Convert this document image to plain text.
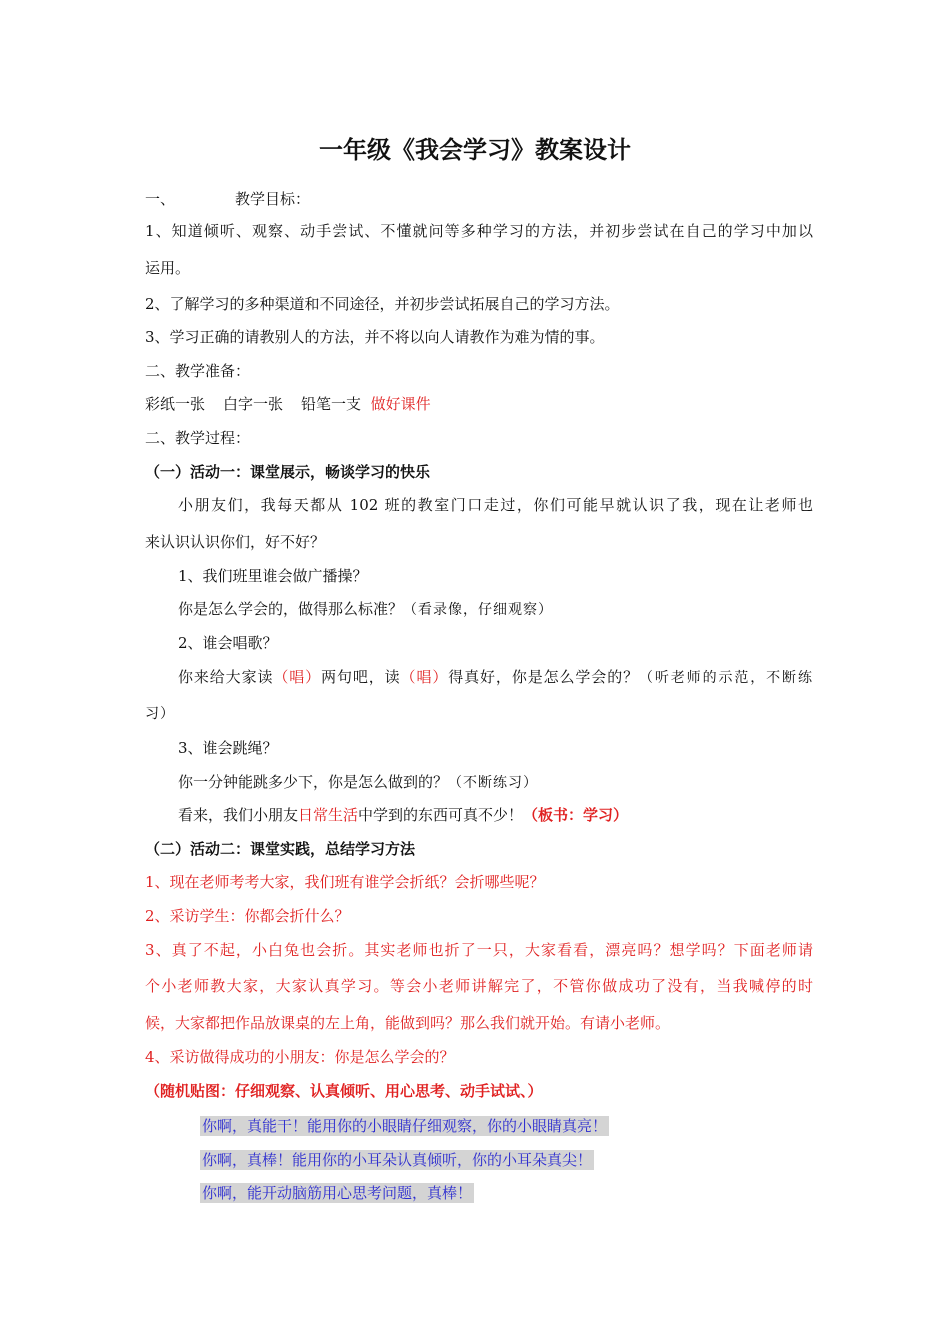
一年级《我会学习》教案设计
一、	教学目标：
1、知道倾听、观察、动手尝试、不懂就问等多种学习的方法，并初步尝试在自己的学习中加以
运用。
2、了解学习的多种渠道和不同途径，并初步尝试拓展自己的学习方法。
3、学习正确的请教别人的方法，并不将以向人请教作为难为情的事。
二、教学准备：
彩纸一张 白字一张 铅笔一支 做好课件
二、教学过程：
（一）活动一：课堂展示，畅谈学习的快乐
小朋友们，我每天都从 102 班的教室门口走过，你们可能早就认识了我，现在让老师也
来认识认识你们，好不好？
1、我们班里谁会做广播操？
你是怎么学会的，做得那么标准？（看录像，仔细观察）
2、谁会唱歌？
你来给大家读（唱）两句吧，读（唱）得真好，你是怎么学会的？（听老师的示范，不断练
习）
3、谁会跳绳？
你一分钟能跳多少下，你是怎么做到的？（不断练习）
看来，我们小朋友日常生活中学到的东西可真不少！（板书：学习）
（二）活动二：课堂实践，总结学习方法
1、现在老师考考大家，我们班有谁学会折纸？会折哪些呢？
2、采访学生：你都会折什么？
3、真了不起，小白兔也会折。其实老师也折了一只，大家看看，漂亮吗？想学吗？下面老师请
个小老师教大家，大家认真学习。等会小老师讲解完了，不管你做成功了没有，当我喊停的时
候，大家都把作品放课桌的左上角，能做到吗？那么我们就开始。有请小老师。
4、采访做得成功的小朋友：你是怎么学会的？
（随机贴图：仔细观察、认真倾听、用心思考、动手试试、）
你啊，真能干！能用你的小眼睛仔细观察，你的小眼睛真亮！
你啊，真棒！能用你的小耳朵认真倾听，你的小耳朵真尖！
你啊，能开动脑筋用心思考问题，真棒！
